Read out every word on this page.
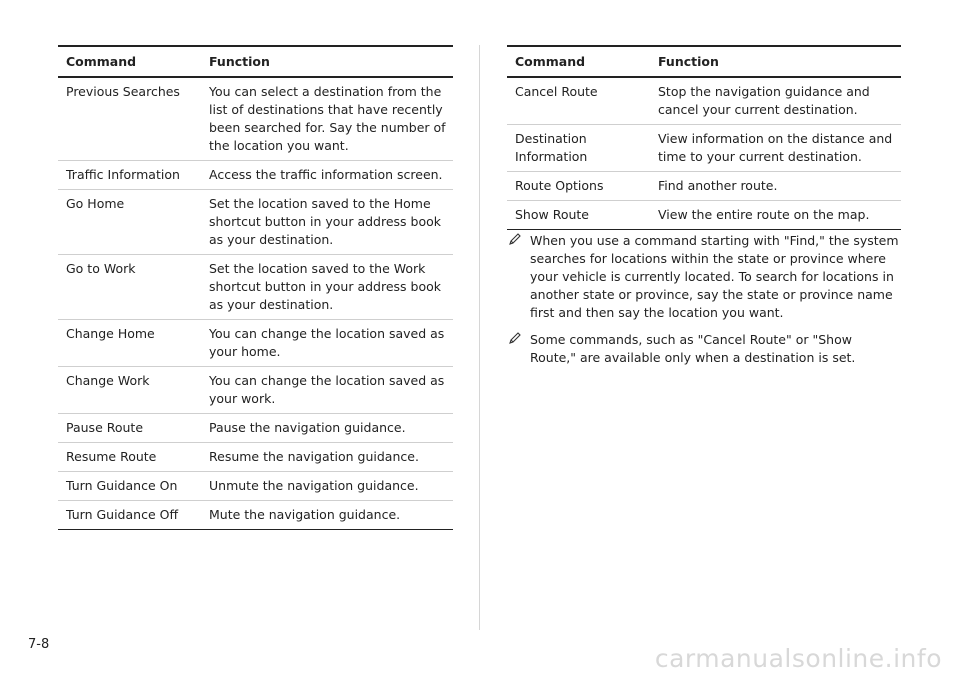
Command	Function
Previous Searches	You can select a destination from the list of destinations that have recently been searched for. Say the number of the location you want.
Traffic Information	Access the traffic information screen.
Go Home	Set the location saved to the Home shortcut button in your address book as your destination.
Go to Work	Set the location saved to the Work shortcut button in your address book as your destination.
Change Home	You can change the location saved as your home.
Change Work	You can change the location saved as your work.
Pause Route	Pause the navigation guidance.
Resume Route	Resume the navigation guidance.
Turn Guidance On	Unmute the navigation guidance.
Turn Guidance Off	Mute the navigation guidance.
Command	Function
Cancel Route	Stop the navigation guidance and cancel your current destination.
Destination Information	View information on the distance and time to your current destination.
Route Options	Find another route.
Show Route	View the entire route on the map.
When you use a command starting with "Find," the system searches for locations within the state or province where your vehicle is currently located. To search for locations in another state or province, say the state or province name first and then say the location you want.
Some commands, such as "Cancel Route" or "Show Route," are available only when a destination is set.
7-8	carmanualsonline.info
